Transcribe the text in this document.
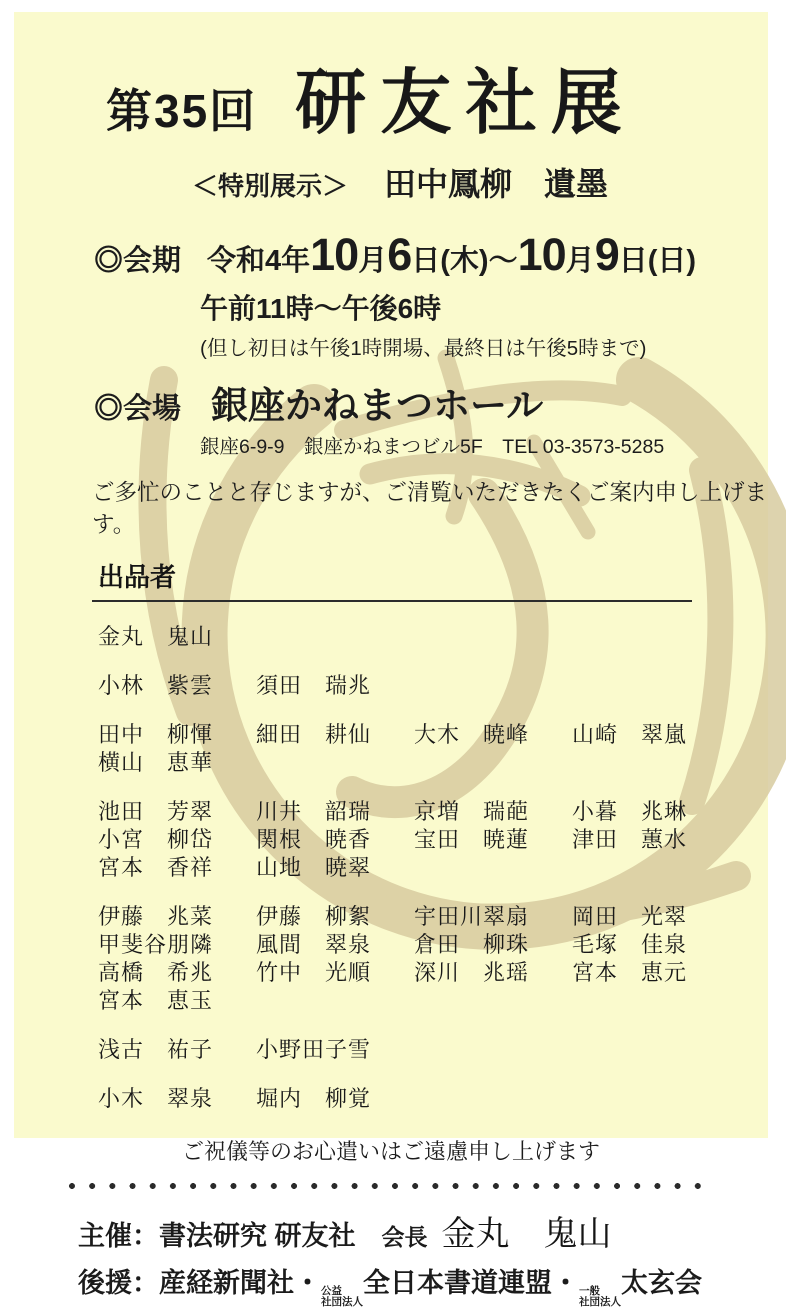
第35回 研友社展
＜特別展示＞ 田中鳳柳　遺墨
◎会期 令和4年 10 月 6 日(木) 〜 10 月 9 日(日)
午前11時〜午後6時
(但し初日は午後1時開場、最終日は午後5時まで)
◎会場 銀座かねまつホール
銀座6-9-9　銀座かねまつビル5F　TEL 03-3573-5285
ご多忙のことと存じますが、ご清覧いただきたくご案内申し上げます。
出品者
金丸　鬼山
小林　紫雲 須田　瑞兆
田中　柳惲 細田　耕仙 大木　暁峰 山崎　翠嵐
横山　恵華
池田　芳翠 川井　韶瑞 京増　瑞葩 小暮　兆琳
小宮　柳岱 関根　暁香 宝田　暁蓮 津田　蕙水
宮本　香祥 山地　暁翠
伊藤　兆菜 伊藤　柳絮 宇田川翠扇 岡田　光翠
甲斐谷朋隣 風間　翠泉 倉田　柳珠 毛塚　佳泉
高橋　希兆 竹中　光順 深川　兆瑶 宮本　恵元
宮本　恵玉
浅古　祐子 小野田子雪
小木　翠泉 堀内　柳覚
ご祝儀等のお心遣いはご遠慮申し上げます
主催： 書法研究 研友社 会長 金丸　鬼山
後援： 産経新聞社・ 公益
社団法人
全日本書道連盟・ 一般
社団法人
太玄会
